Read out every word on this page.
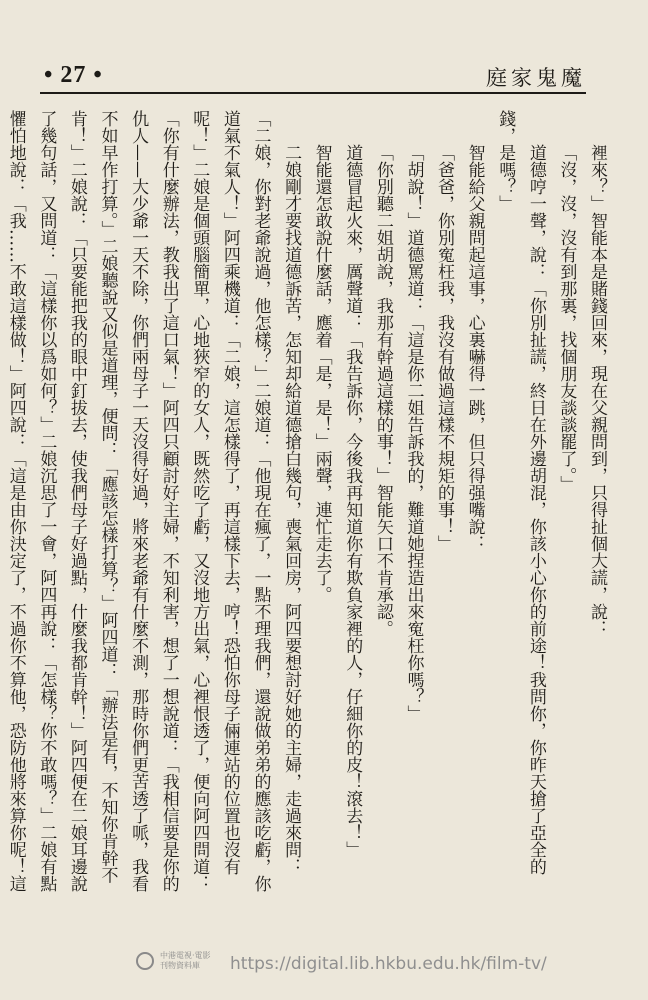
• 27 •	庭家鬼魔

裡來？」智能本是賭錢回來，現在父親問到，只得扯個大謊，說：

「沒，沒，沒有到那裏，找個朋友談談罷了。」

道德哼一聲，說：「你別扯謊，終日在外邊胡混，你該小心你的前途！我問你，你昨天搶了亞全的錢，是嗎？」

智能給父親問起這事，心裏嚇得一跳，但只得强嘴說：

「爸爸，你別寃枉我，我沒有做過這樣不規矩的事！」

「胡說！」道德罵道：「這是你二姐告訴我的，難道她捏造出來寃枉你嗎？」

「你別聽二姐胡說，我那有幹過這樣的事！」智能矢口不肯承認。

道德冒起火來，厲聲道：「我告訴你，今後我再知道你有欺負家裡的人，仔細你的皮！滾去！」

智能還怎敢說什麼話，應着「是，是！」兩聲，連忙走去了。

二娘剛才要找道德訴苦，怎知却給道德搶白幾句，喪氣回房，阿四要想討好她的主婦，走過來問：「二娘，你對老爺說過，他怎樣？」二娘道：「他現在瘋了，一點不理我們，還說做弟弟的應該吃虧，你道氣不氣人！」阿四乘機道：「二娘，這怎樣得了，再這樣下去，哼！恐怕你母子倆連站的位置也沒有呢！」二娘是個頭腦簡單，心地狹窄的女人，既然吃了虧，又沒地方出氣，心裡恨透了，便向阿四問道：「你有什麼辦法，教我出了這口氣！」阿四只顧討好主婦，不知利害，想了一想說道：「我相信要是你的仇人——大少爺一天不除，你們兩母子一天沒得好過，將來老爺有什麼不測，那時你們更苦透了哌，我看不如早作打算。」二娘聽說又似是道理，便問：「應該怎樣打算？」阿四道：「辦法是有，不知你肯幹不肯！」二娘說：「只要能把我的眼中釘拔去，使我們母子好過點，什麼我都肯幹！」阿四便在二娘耳邊說了幾句話，又問道：「這樣你以爲如何？」二娘沉思了一會，阿四再說：「怎樣？你不敢嗎？」二娘有點懼怕地說：「我……不敢這樣做！」阿四說：「這是由你決定了，不過你不算他，恐防他將來算你呢！這

中港電視·電影
刊物資料庫	https://digital.lib.hkbu.edu.hk/film-tv/
